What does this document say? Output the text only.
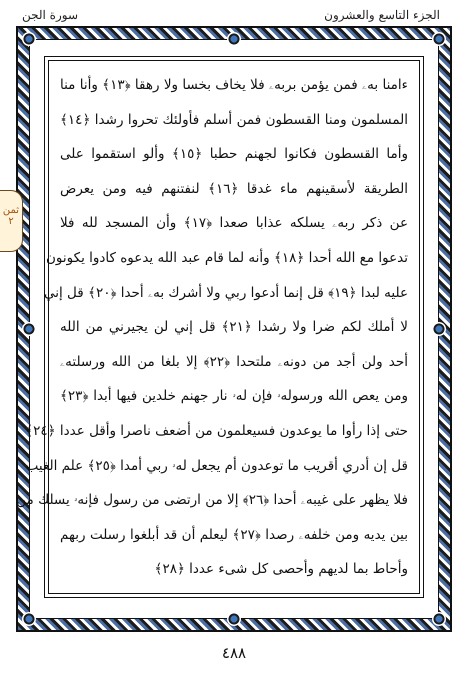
الجزء التاسع والعشرون
سورة الجن
ءامنا به‌ۦ فمن يؤمن بربه‌ۦ فلا يخاف بخسا ولا رهقا ﴿١٣﴾ وأنا منا
المسلمون ومنا القسطون فمن أسلم فأولئك تحروا رشدا ﴿١٤﴾
وأما القسطون فكانوا لجهنم حطبا ﴿١٥﴾ وألو استقموا على
الطريقة لأسقينهم ماء غدقا ﴿١٦﴾ لنفتنهم فيه ومن يعرض
عن ذكر ربه‌ۦ يسلكه عذابا صعدا ﴿١٧﴾ وأن المسجد لله فلا
تدعوا مع الله أحدا ﴿١٨﴾ وأنه لما قام عبد الله يدعوه كادوا يكونون
عليه لبدا ﴿١٩﴾ قل إنما أدعوا ربي ولا أشرك به‌ۦ أحدا ﴿٢٠﴾ قل إني
لا أملك لكم ضرا ولا رشدا ﴿٢١﴾ قل إني لن يجيرني من الله
أحد ولن أجد من دونه‌ۦ ملتحدا ﴿٢٢﴾ إلا بلغا من الله ورسلته‌ۦ
ومن يعص الله ورسوله‌ۥ فإن له‌ۥ نار جهنم خلدين فيها أبدا ﴿٢٣﴾
حتى إذا رأوا ما يوعدون فسيعلمون من أضعف ناصرا وأقل عددا ﴿٢٤﴾
قل إن أدري أقريب ما توعدون أم يجعل له‌ۥ ربي أمدا ﴿٢٥﴾ علم الغيب
فلا يظهر على غيبه‌ۦ أحدا ﴿٢٦﴾ إلا من ارتضى من رسول فإنه‌ۥ يسلك من
بين يديه ومن خلفه‌ۦ رصدا ﴿٢٧﴾ ليعلم أن قد أبلغوا رسلت ربهم
وأحاط بما لديهم وأحصى كل شىء عددا ﴿٢٨﴾
ثمن
٢
٤٨٨
